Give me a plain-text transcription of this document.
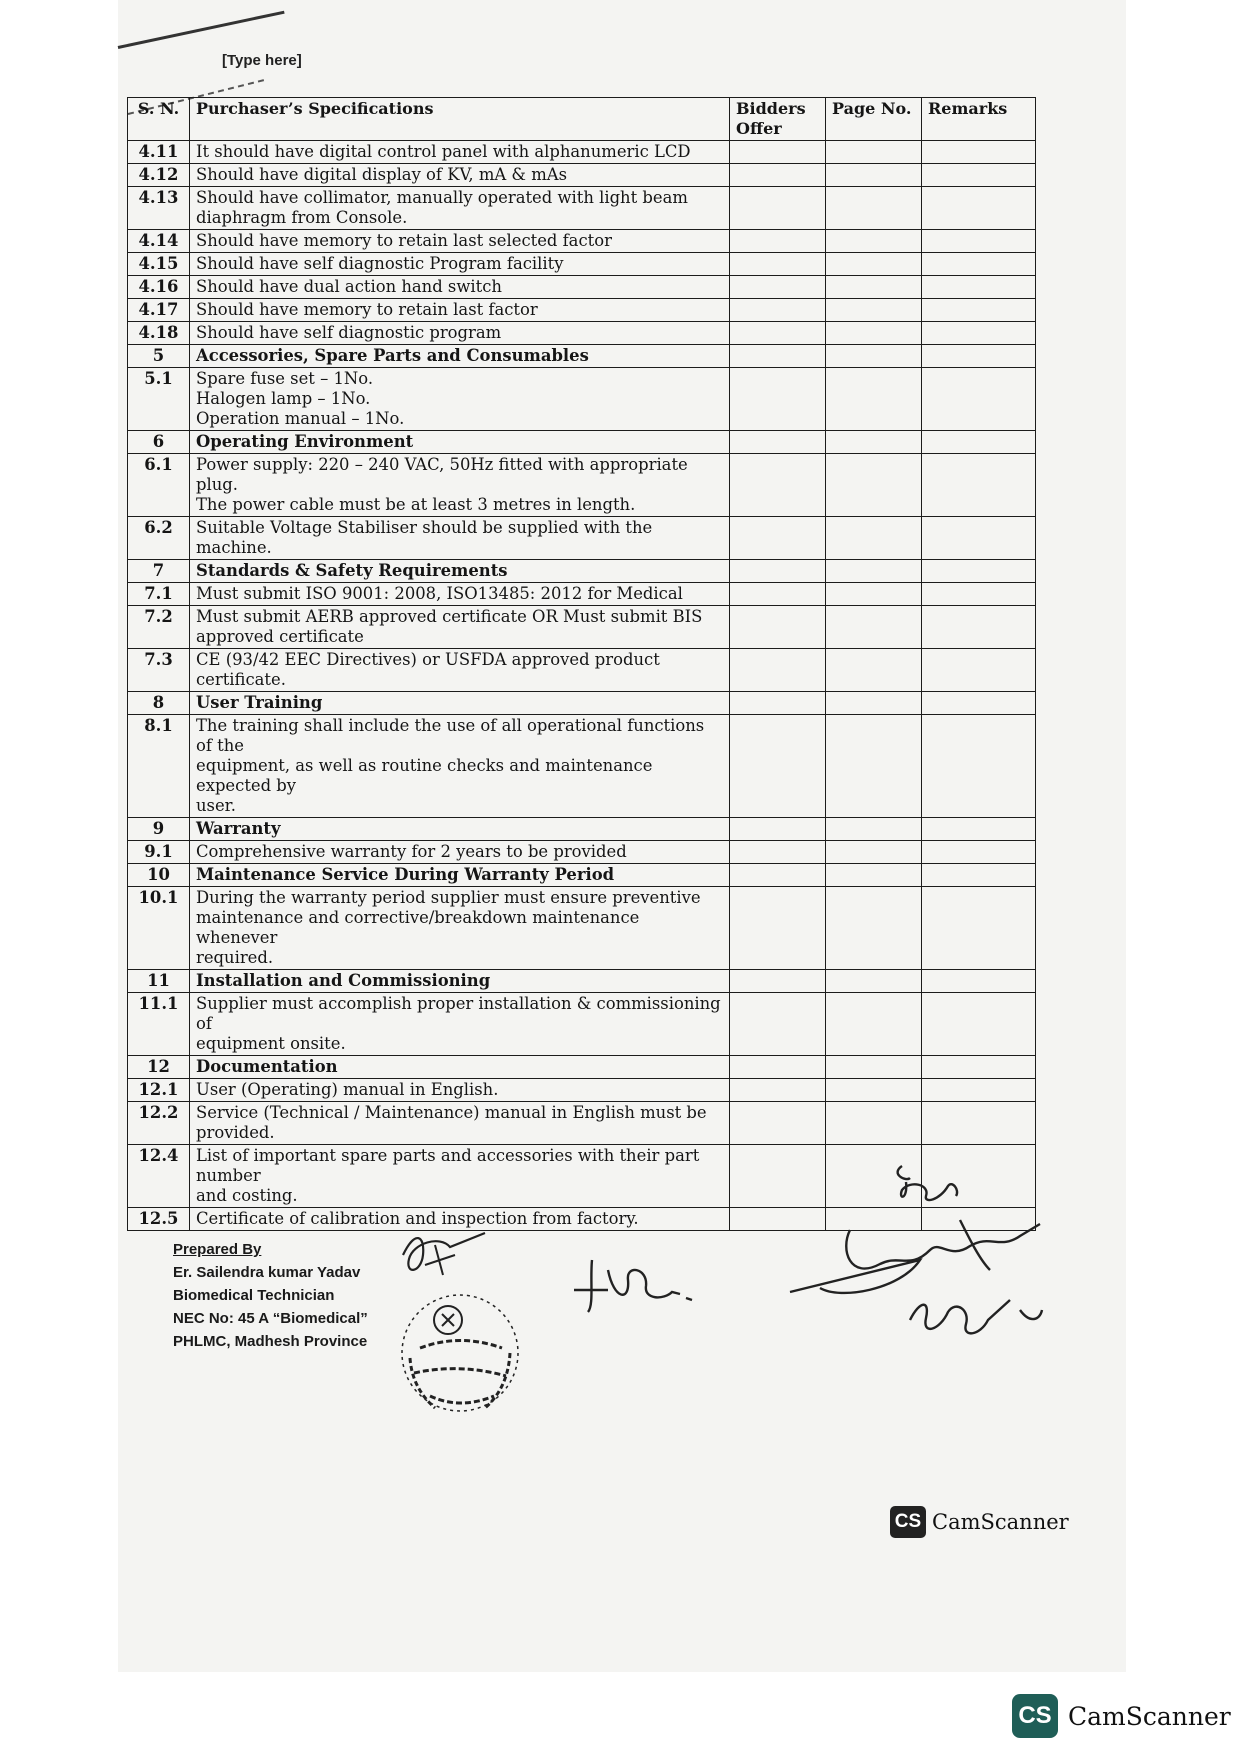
[Type here]
S. N.	Purchaser’s Specifications	Bidders Offer	Page No.	Remarks
4.11	It should have digital control panel with alphanumeric LCD			

4.12	Should have digital display of KV, mA & mAs			

4.13	Should have collimator, manually operated with light beam
diaphragm from Console.			

4.14	Should have memory to retain last selected factor			

4.15	Should have self diagnostic Program facility			

4.16	Should have dual action hand switch			

4.17	Should have memory to retain last factor			

4.18	Should have self diagnostic program			

5	Accessories, Spare Parts and Consumables			

5.1	Spare fuse set – 1No.
Halogen lamp – 1No.
Operation manual – 1No.			

6	Operating Environment			

6.1	Power supply: 220 – 240 VAC, 50Hz fitted with appropriate plug.
The power cable must be at least 3 metres in length.			

6.2	Suitable Voltage Stabiliser should be supplied with the machine.			

7	Standards & Safety Requirements			

7.1	Must submit ISO 9001: 2008, ISO13485: 2012 for Medical			

7.2	Must submit AERB approved certificate OR Must submit BIS
approved certificate			

7.3	CE (93/42 EEC Directives) or USFDA approved product certificate.			

8	User Training			

8.1	The training shall include the use of all operational functions of the
equipment, as well as routine checks and maintenance expected by
user.			

9	Warranty			

9.1	Comprehensive warranty for 2 years to be provided			

10	Maintenance Service During Warranty Period			

10.1	During the warranty period supplier must ensure preventive
maintenance and corrective/breakdown maintenance whenever
required.			

11	Installation and Commissioning			

11.1	Supplier must accomplish proper installation & commissioning of
equipment onsite.			

12	Documentation			

12.1	User (Operating) manual in English.			

12.2	Service (Technical / Maintenance) manual in English must be
provided.			

12.4	List of important spare parts and accessories with their part number
and costing.			

12.5	Certificate of calibration and inspection from factory.			

Prepared By
Er. Sailendra kumar Yadav
Biomedical Technician
NEC No: 45 A “Biomedical”
PHLMC, Madhesh Province
CS CamScanner
CS CamScanner
